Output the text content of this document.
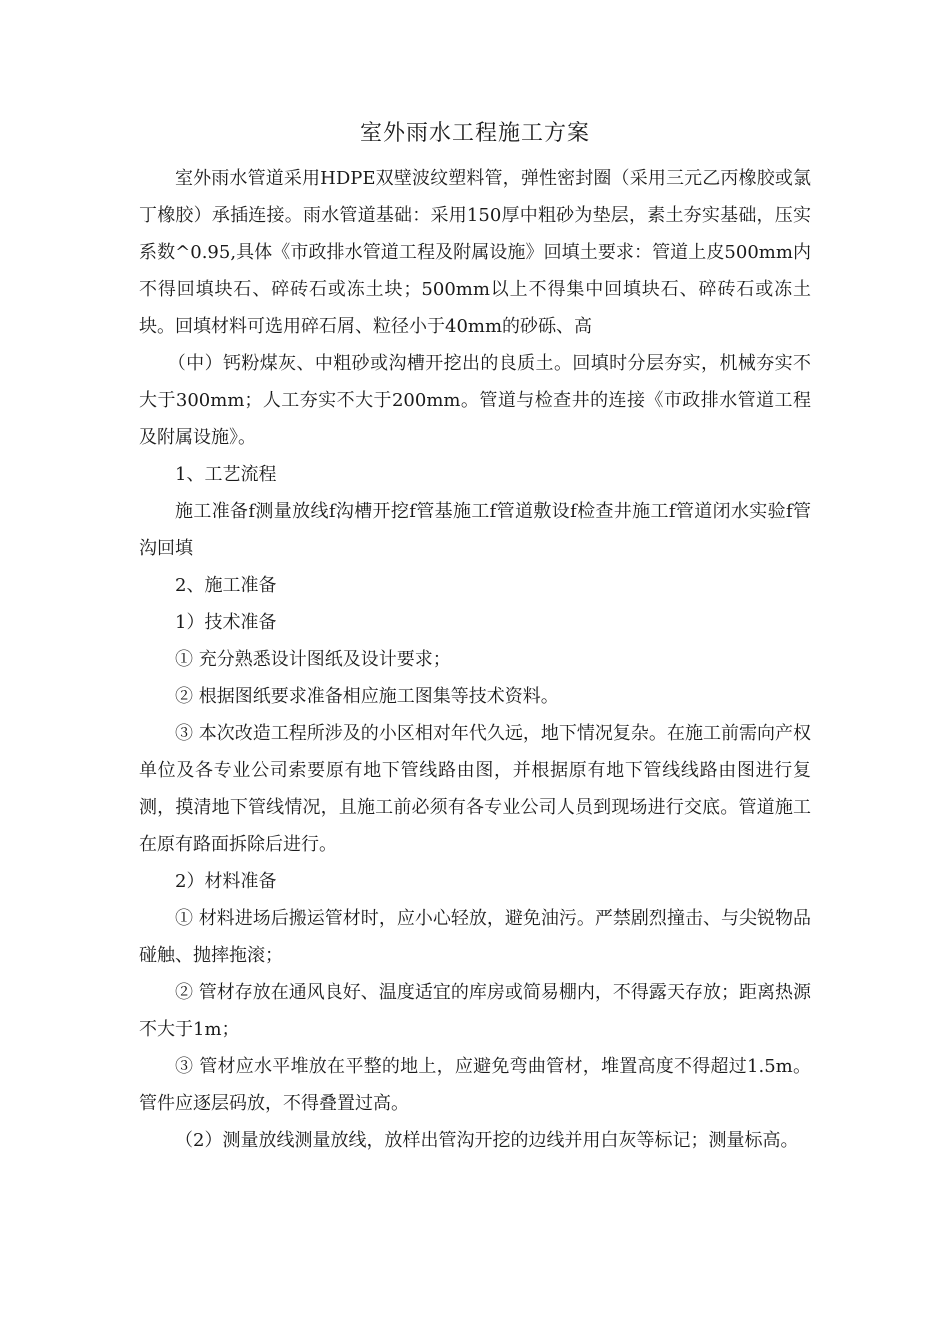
室外雨水工程施工方案

室外雨水管道采用HDPE双壁波纹塑料管，弹性密封圈（采用三元乙丙橡胶或氯丁橡胶）承插连接。雨水管道基础：采用150厚中粗砂为垫层，素土夯实基础，压实系数^0.95,具体《市政排水管道工程及附属设施》回填土要求：管道上皮500mm内不得回填块石、碎砖石或冻土块；500mm以上不得集中回填块石、碎砖石或冻土块。回填材料可选用碎石屑、粒径小于40mm的砂砾、高

（中）钙粉煤灰、中粗砂或沟槽开挖出的良质土。回填时分层夯实，机械夯实不大于300mm；人工夯实不大于200mm。管道与检查井的连接《市政排水管道工程及附属设施》。

1、工艺流程

施工准备f测量放线f沟槽开挖f管基施工f管道敷设f检查井施工f管道闭水实验f管沟回填

2、施工准备

1）技术准备

① 充分熟悉设计图纸及设计要求；

② 根据图纸要求准备相应施工图集等技术资料。

③ 本次改造工程所涉及的小区相对年代久远，地下情况复杂。在施工前需向产权单位及各专业公司索要原有地下管线路由图，并根据原有地下管线线路由图进行复测，摸清地下管线情况，且施工前必须有各专业公司人员到现场进行交底。管道施工在原有路面拆除后进行。

2）材料准备

① 材料进场后搬运管材时，应小心轻放，避免油污。严禁剧烈撞击、与尖锐物品碰触、抛摔拖滚；

② 管材存放在通风良好、温度适宜的库房或简易棚内，不得露天存放；距离热源不大于1m；

③ 管材应水平堆放在平整的地上，应避免弯曲管材，堆置高度不得超过1.5m。管件应逐层码放，不得叠置过高。

（2）测量放线测量放线，放样出管沟开挖的边线并用白灰等标记；测量标高。
